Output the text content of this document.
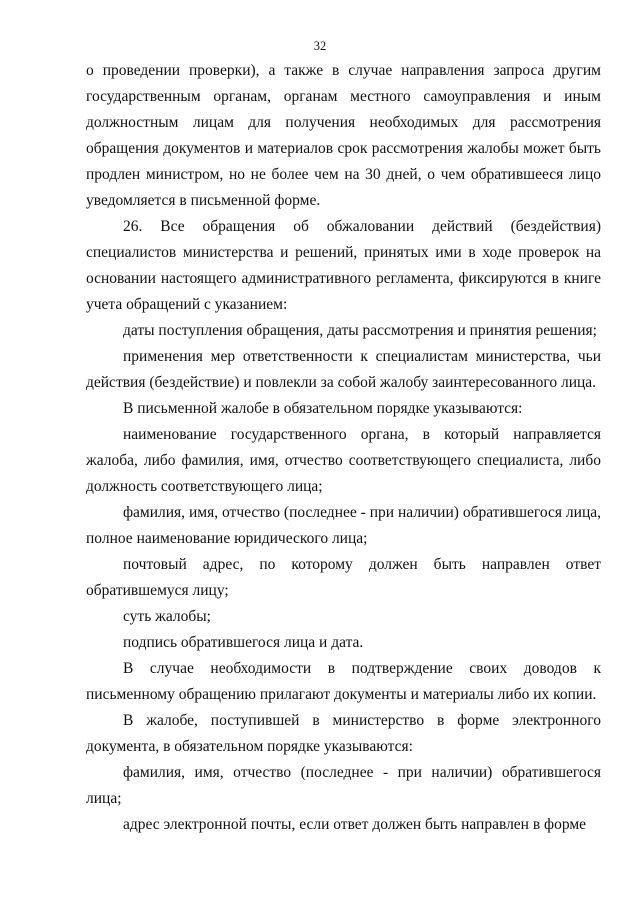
32

о проведении проверки), а также в случае направления запроса другим государственным органам, органам местного самоуправления и иным должностным лицам для получения необходимых для рассмотрения обращения документов и материалов срок рассмотрения жалобы может быть продлен министром, но не более чем на 30 дней, о чем обратившееся лицо уведомляется в письменной форме.

26. Все обращения об обжаловании действий (бездействия) специалистов министерства и решений, принятых ими в ходе проверок на основании настоящего административного регламента, фиксируются в книге учета обращений с указанием:

даты поступления обращения, даты рассмотрения и принятия решения;

применения мер ответственности к специалистам министерства, чьи действия (бездействие) и повлекли за собой жалобу заинтересованного лица.

В письменной жалобе в обязательном порядке указываются:

наименование государственного органа, в который направляется жалоба, либо фамилия, имя, отчество соответствующего специалиста, либо должность соответствующего лица;

фамилия, имя, отчество (последнее - при наличии) обратившегося лица, полное наименование юридического лица;

почтовый адрес, по которому должен быть направлен ответ обратившемуся лицу;

суть жалобы;

подпись обратившегося лица и дата.

В случае необходимости в подтверждение своих доводов к письменному обращению прилагают документы и материалы либо их копии.

В жалобе, поступившей в министерство в форме электронного документа, в обязательном порядке указываются:

фамилия, имя, отчество (последнее - при наличии) обратившегося лица;

адрес электронной почты, если ответ должен быть направлен в форме
